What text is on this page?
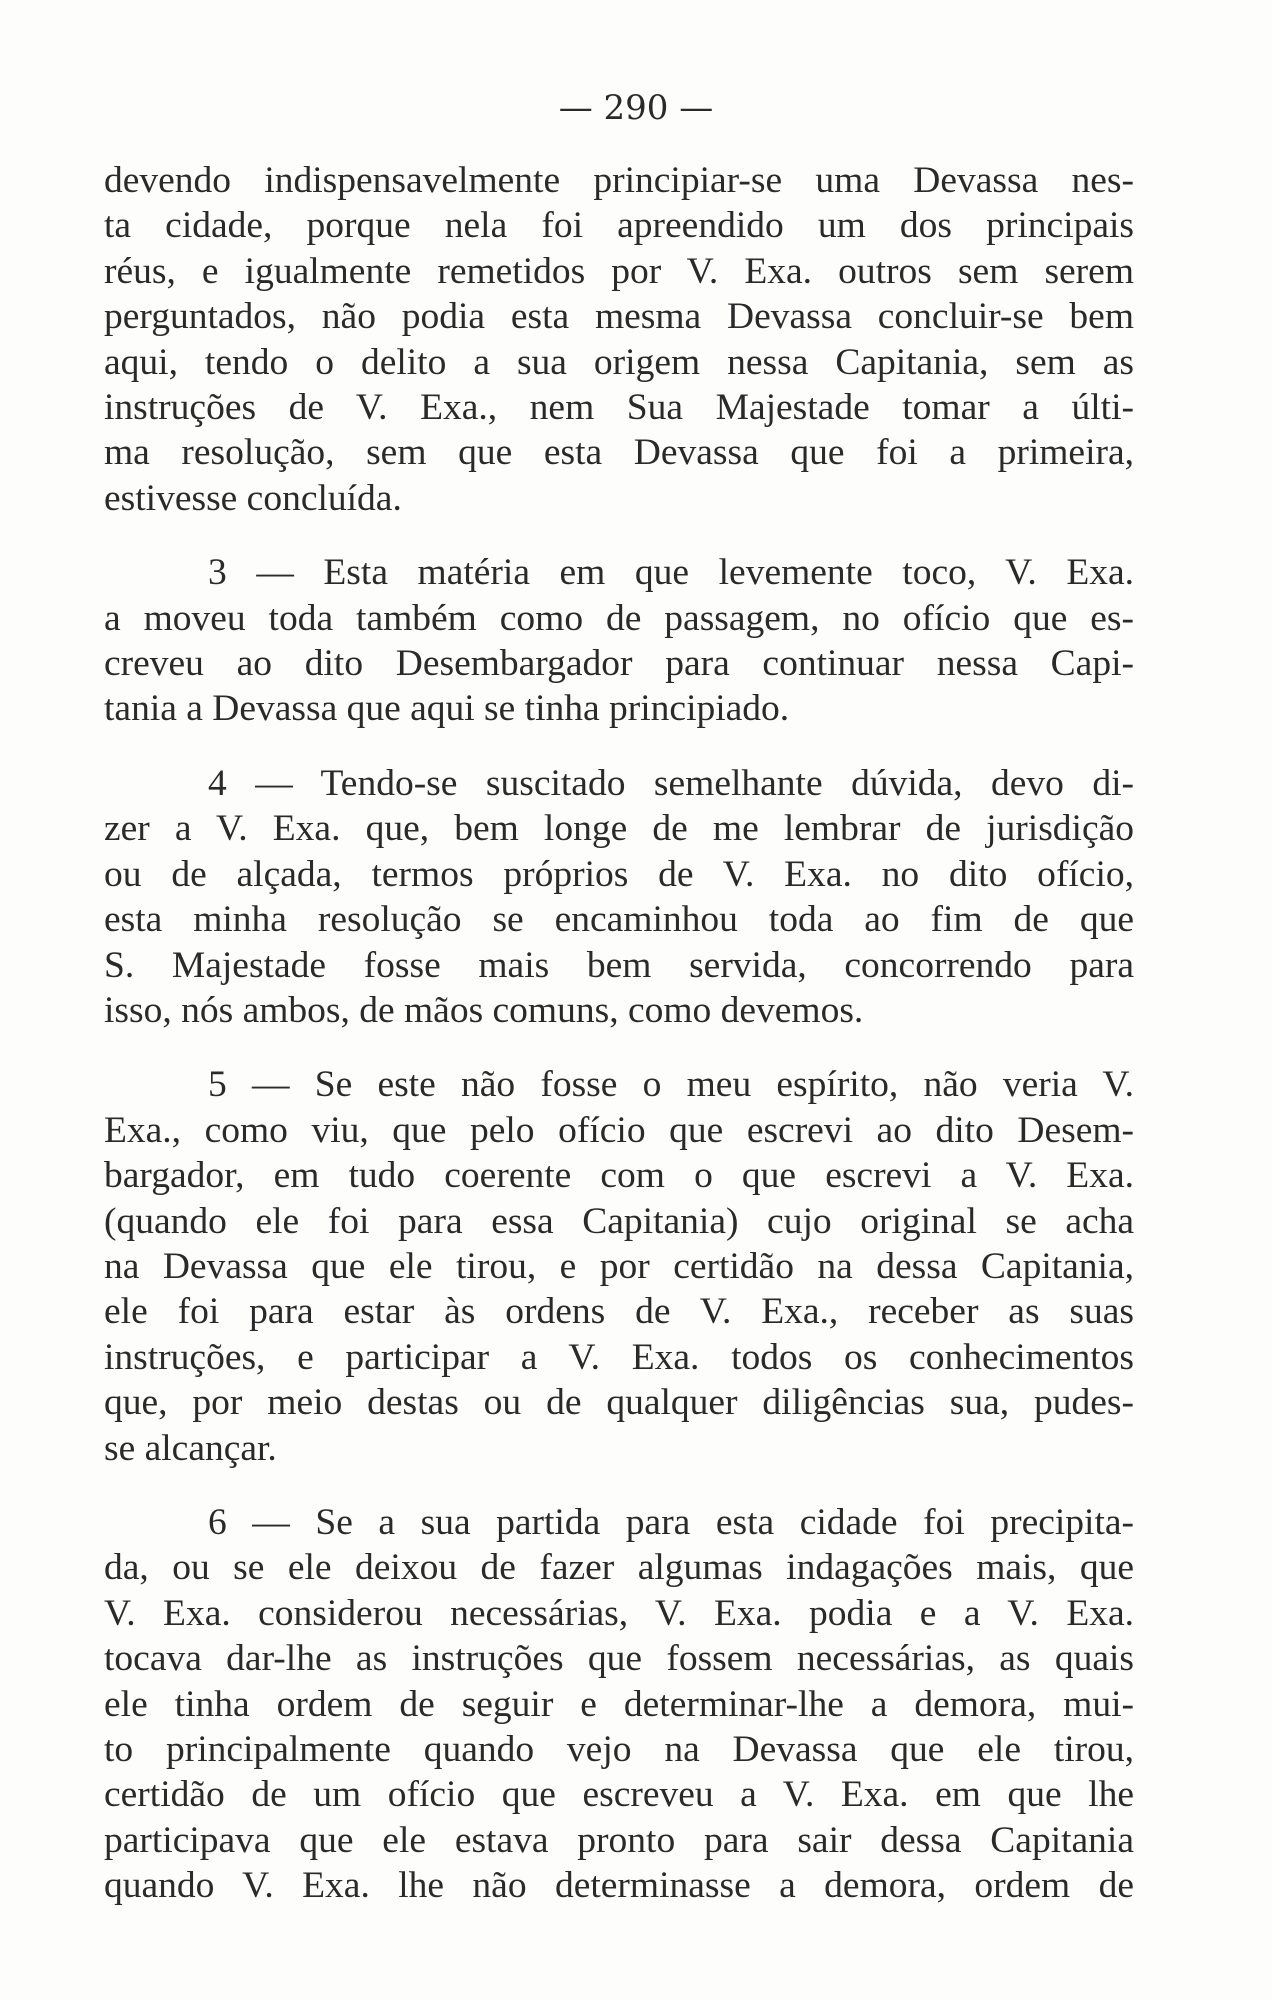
— 290 —

devendo indispensavelmente principiar-se uma Devassa nes-
ta cidade, porque nela foi apreendido um dos principais
réus, e igualmente remetidos por V. Exa. outros sem serem
perguntados, não podia esta mesma Devassa concluir-se bem
aqui, tendo o delito a sua origem nessa Capitania, sem as
instruções de V. Exa., nem Sua Majestade tomar a últi-
ma resolução, sem que esta Devassa que foi a primeira,
estivesse concluída.

3 — Esta matéria em que levemente toco, V. Exa.
a moveu toda também como de passagem, no ofício que es-
creveu ao dito Desembargador para continuar nessa Capi-
tania a Devassa que aqui se tinha principiado.

4 — Tendo-se suscitado semelhante dúvida, devo di-
zer a V. Exa. que, bem longe de me lembrar de jurisdição
ou de alçada, termos próprios de V. Exa. no dito ofício,
esta minha resolução se encaminhou toda ao fim de que
S. Majestade fosse mais bem servida, concorrendo para
isso, nós ambos, de mãos comuns, como devemos.

5 — Se este não fosse o meu espírito, não veria V.
Exa., como viu, que pelo ofício que escrevi ao dito Desem-
bargador, em tudo coerente com o que escrevi a V. Exa.
(quando ele foi para essa Capitania) cujo original se acha
na Devassa que ele tirou, e por certidão na dessa Capitania,
ele foi para estar às ordens de V. Exa., receber as suas
instruções, e participar a V. Exa. todos os conhecimentos
que, por meio destas ou de qualquer diligências sua, pudes-
se alcançar.

6 — Se a sua partida para esta cidade foi precipita-
da, ou se ele deixou de fazer algumas indagações mais, que
V. Exa. considerou necessárias, V. Exa. podia e a V. Exa.
tocava dar-lhe as instruções que fossem necessárias, as quais
ele tinha ordem de seguir e determinar-lhe a demora, mui-
to principalmente quando vejo na Devassa que ele tirou,
certidão de um ofício que escreveu a V. Exa. em que lhe
participava que ele estava pronto para sair dessa Capitania
quando V. Exa. lhe não determinasse a demora, ordem de
